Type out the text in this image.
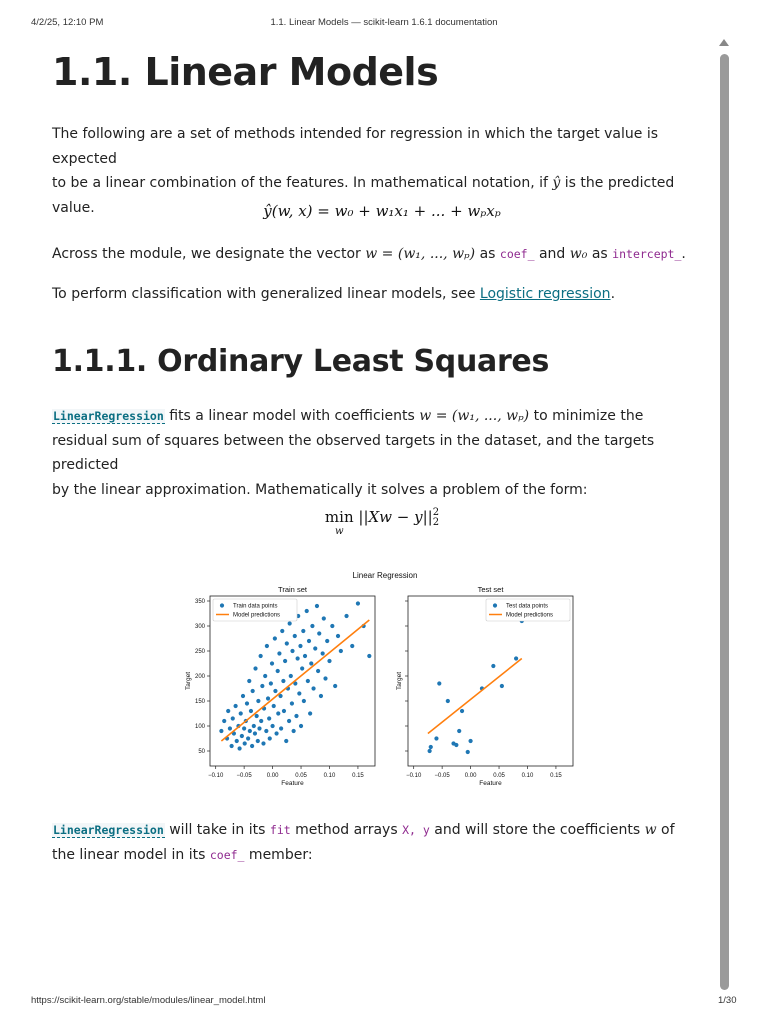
4/2/25, 12:10 PM	1.1. Linear Models — scikit-learn 1.6.1 documentation
1.1. Linear Models

The following are a set of methods intended for regression in which the target value is expected
to be a linear combination of the features. In mathematical notation, if ŷ is the predicted value.	ŷ(w, x) = w₀ + w₁x₁ + ... + wₚxₚ

Across the module, we designate the vector w = (w₁, ..., wₚ) as coef_ and w₀ as intercept_.

To perform classification with generalized linear models, see Logistic regression.

1.1.1. Ordinary Least Squares

LinearRegression fits a linear model with coefficients w = (w₁, ..., wₚ) to minimize the
residual sum of squares between the observed targets in the dataset, and the targets predicted
by the linear approximation. Mathematically it solves a problem of the form:

min
$^w$ ||Xw − y||2
2
Linear Regression
Train set
−0.10 −0.05	0.00	0.05	0.10	0.15
50
100
150
200
250
300
350
Feature
Target
Train data points
Model predictions
Test set
−0.10 −0.05	0.00	0.05	0.10	0.15
Feature
Target
Test data points
Model predictions

LinearRegression will take in its fit method arrays X, y and will store the coefficients w of
the linear model in its coef_ member:

https://scikit-learn.org/stable/modules/linear_model.html	1/30
